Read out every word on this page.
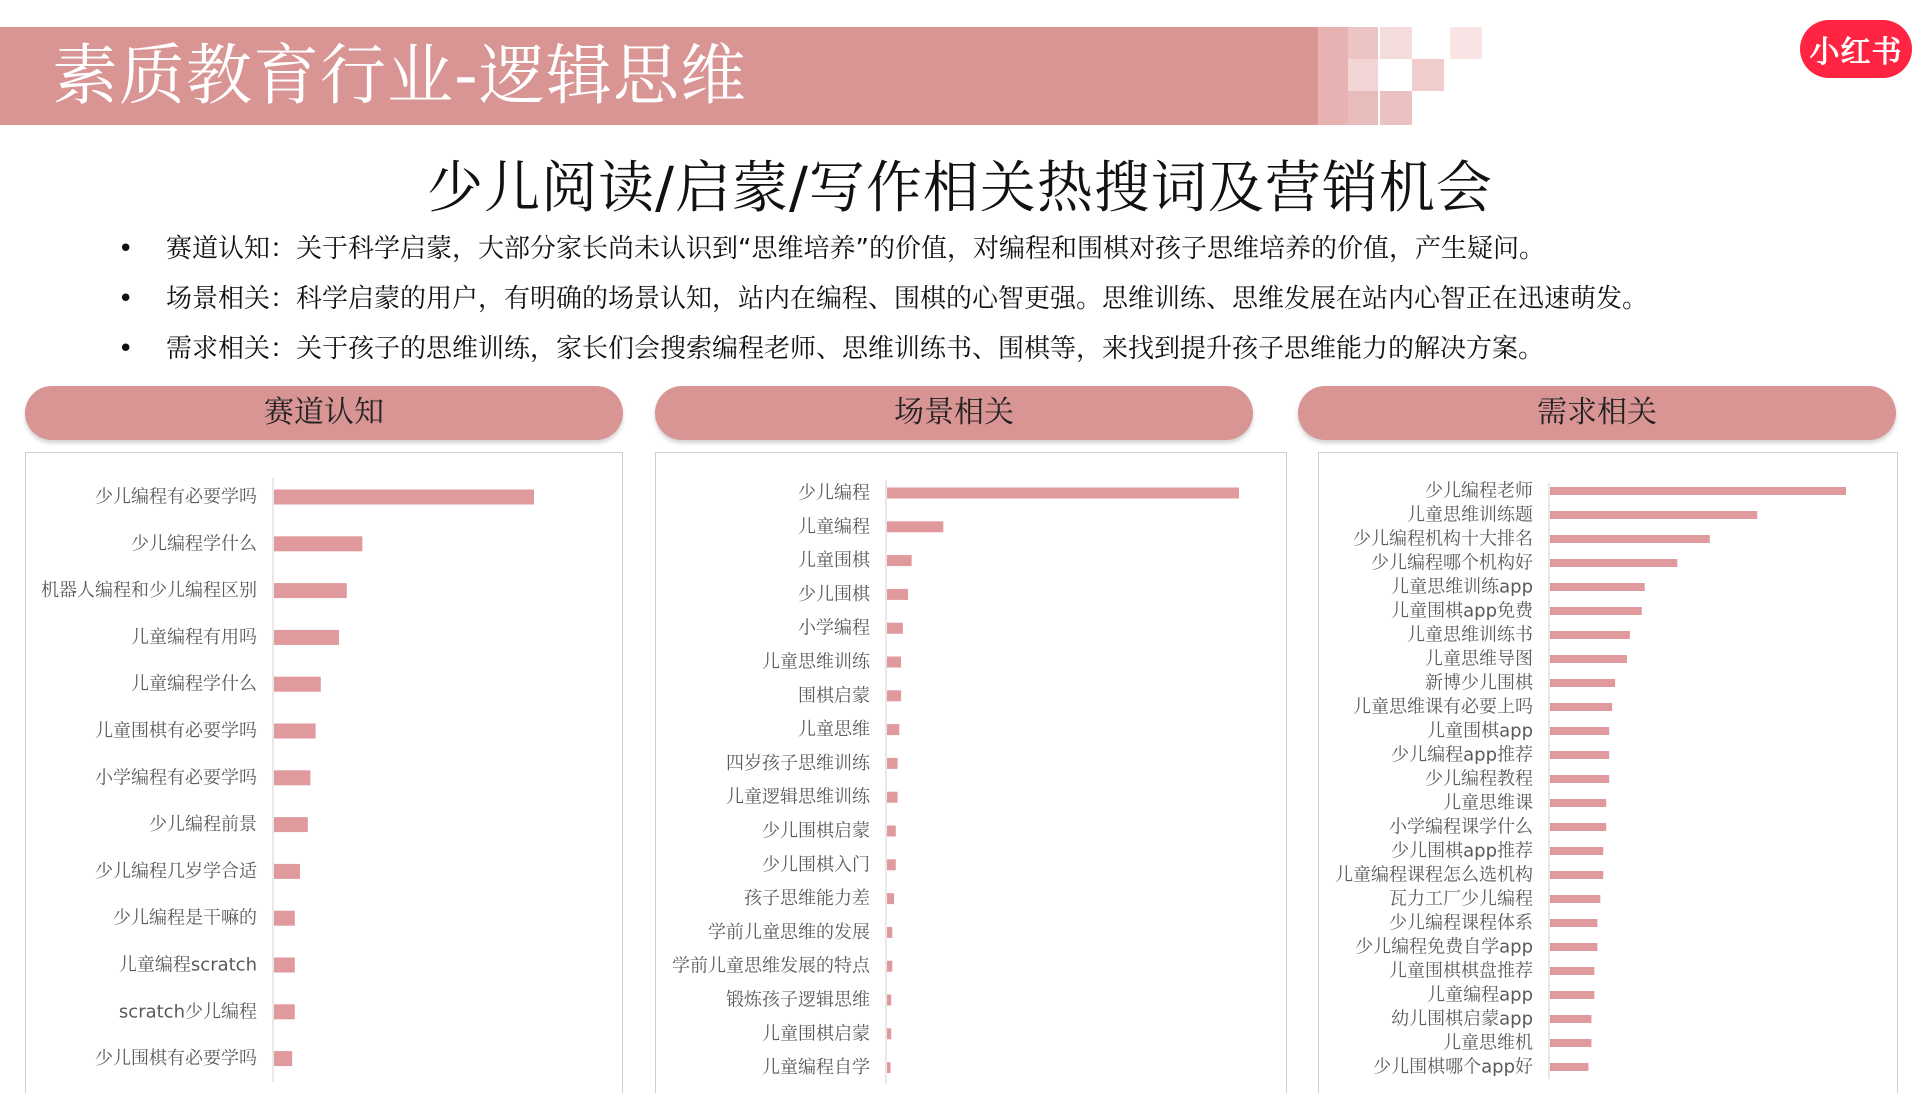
素质教育行业-逻辑思维	小红书
少儿阅读/启蒙/写作相关热搜词及营销机会
• 赛道认知：关于科学启蒙，大部分家长尚未认识到“思维培养”的价值，对编程和围棋对孩子思维培养的价值，产生疑问。
• 场景相关：科学启蒙的用户，有明确的场景认知，站内在编程、围棋的心智更强。思维训练、思维发展在站内心智正在迅速萌发。
• 需求相关：关于孩子的思维训练，家长们会搜索编程老师、思维训练书、围棋等，来找到提升孩子思维能力的解决方案。
赛道认知	场景相关	需求相关
少儿编程有必要学吗
少儿编程学什么
机器人编程和少儿编程区别
儿童编程有用吗
儿童编程学什么
儿童围棋有必要学吗
小学编程有必要学吗
少儿编程前景
少儿编程几岁学合适
少儿编程是干嘛的
儿童编程scratch
scratch少儿编程
少儿围棋有必要学吗
少儿编程
儿童编程
儿童围棋
少儿围棋
小学编程
儿童思维训练
围棋启蒙
儿童思维
四岁孩子思维训练
儿童逻辑思维训练
少儿围棋启蒙
少儿围棋入门
孩子思维能力差
学前儿童思维的发展
学前儿童思维发展的特点
锻炼孩子逻辑思维
儿童围棋启蒙
儿童编程自学
少儿编程老师
儿童思维训练题
少儿编程机构十大排名
少儿编程哪个机构好
儿童思维训练app
儿童围棋app免费
儿童思维训练书
儿童思维导图
新博少儿围棋
儿童思维课有必要上吗
儿童围棋app
少儿编程app推荐
少儿编程教程
儿童思维课
小学编程课学什么
少儿围棋app推荐
儿童编程课程怎么选机构
瓦力工厂少儿编程
少儿编程课程体系
少儿编程免费自学app
儿童围棋棋盘推荐
儿童编程app
幼儿围棋启蒙app
儿童思维机
少儿围棋哪个app好
